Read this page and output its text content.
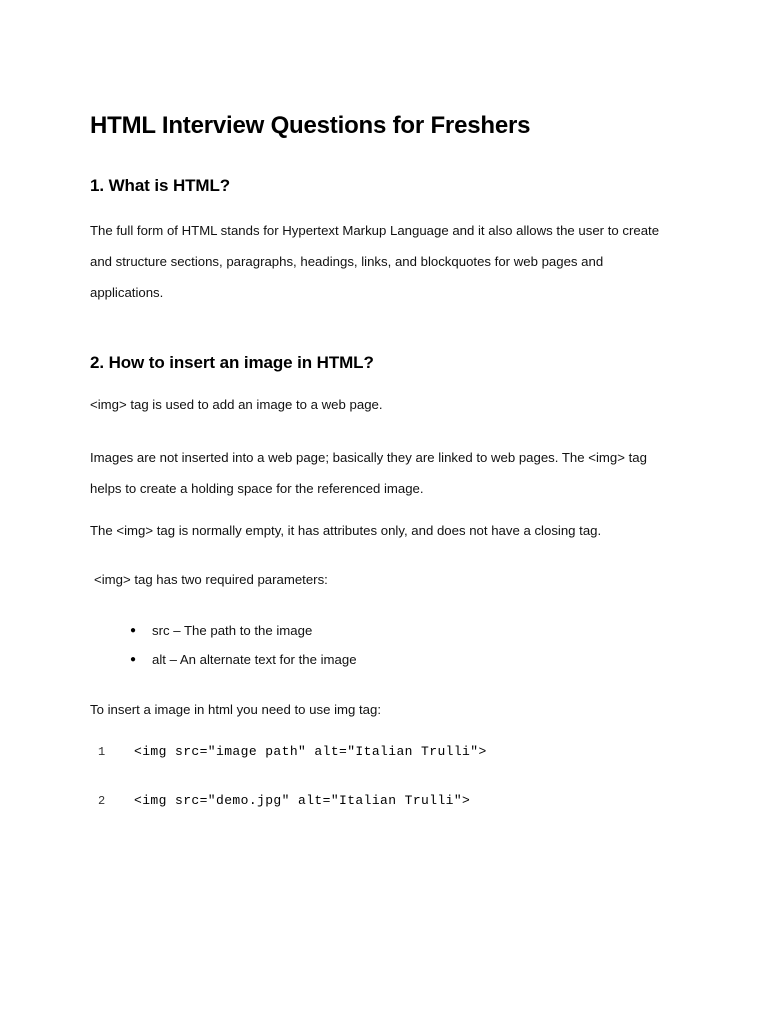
HTML Interview Questions for Freshers
1. What is HTML?

The full form of HTML stands for Hypertext Markup Language and it also allows the user to create and structure sections, paragraphs, headings, links, and blockquotes for web pages and applications.

2. How to insert an image in HTML?

<img> tag is used to add an image to a web page.

Images are not inserted into a web page; basically they are linked to web pages. The <img> tag helps to create a holding space for the referenced image.

The <img> tag is normally empty, it has attributes only, and does not have a closing tag.

<img> tag has two required parameters:

● src – The path to the image
● alt – An alternate text for the image

To insert a image in html you need to use img tag:

1	<img src="image path" alt="Italian Trulli">
2	<img src="demo.jpg" alt="Italian Trulli">
